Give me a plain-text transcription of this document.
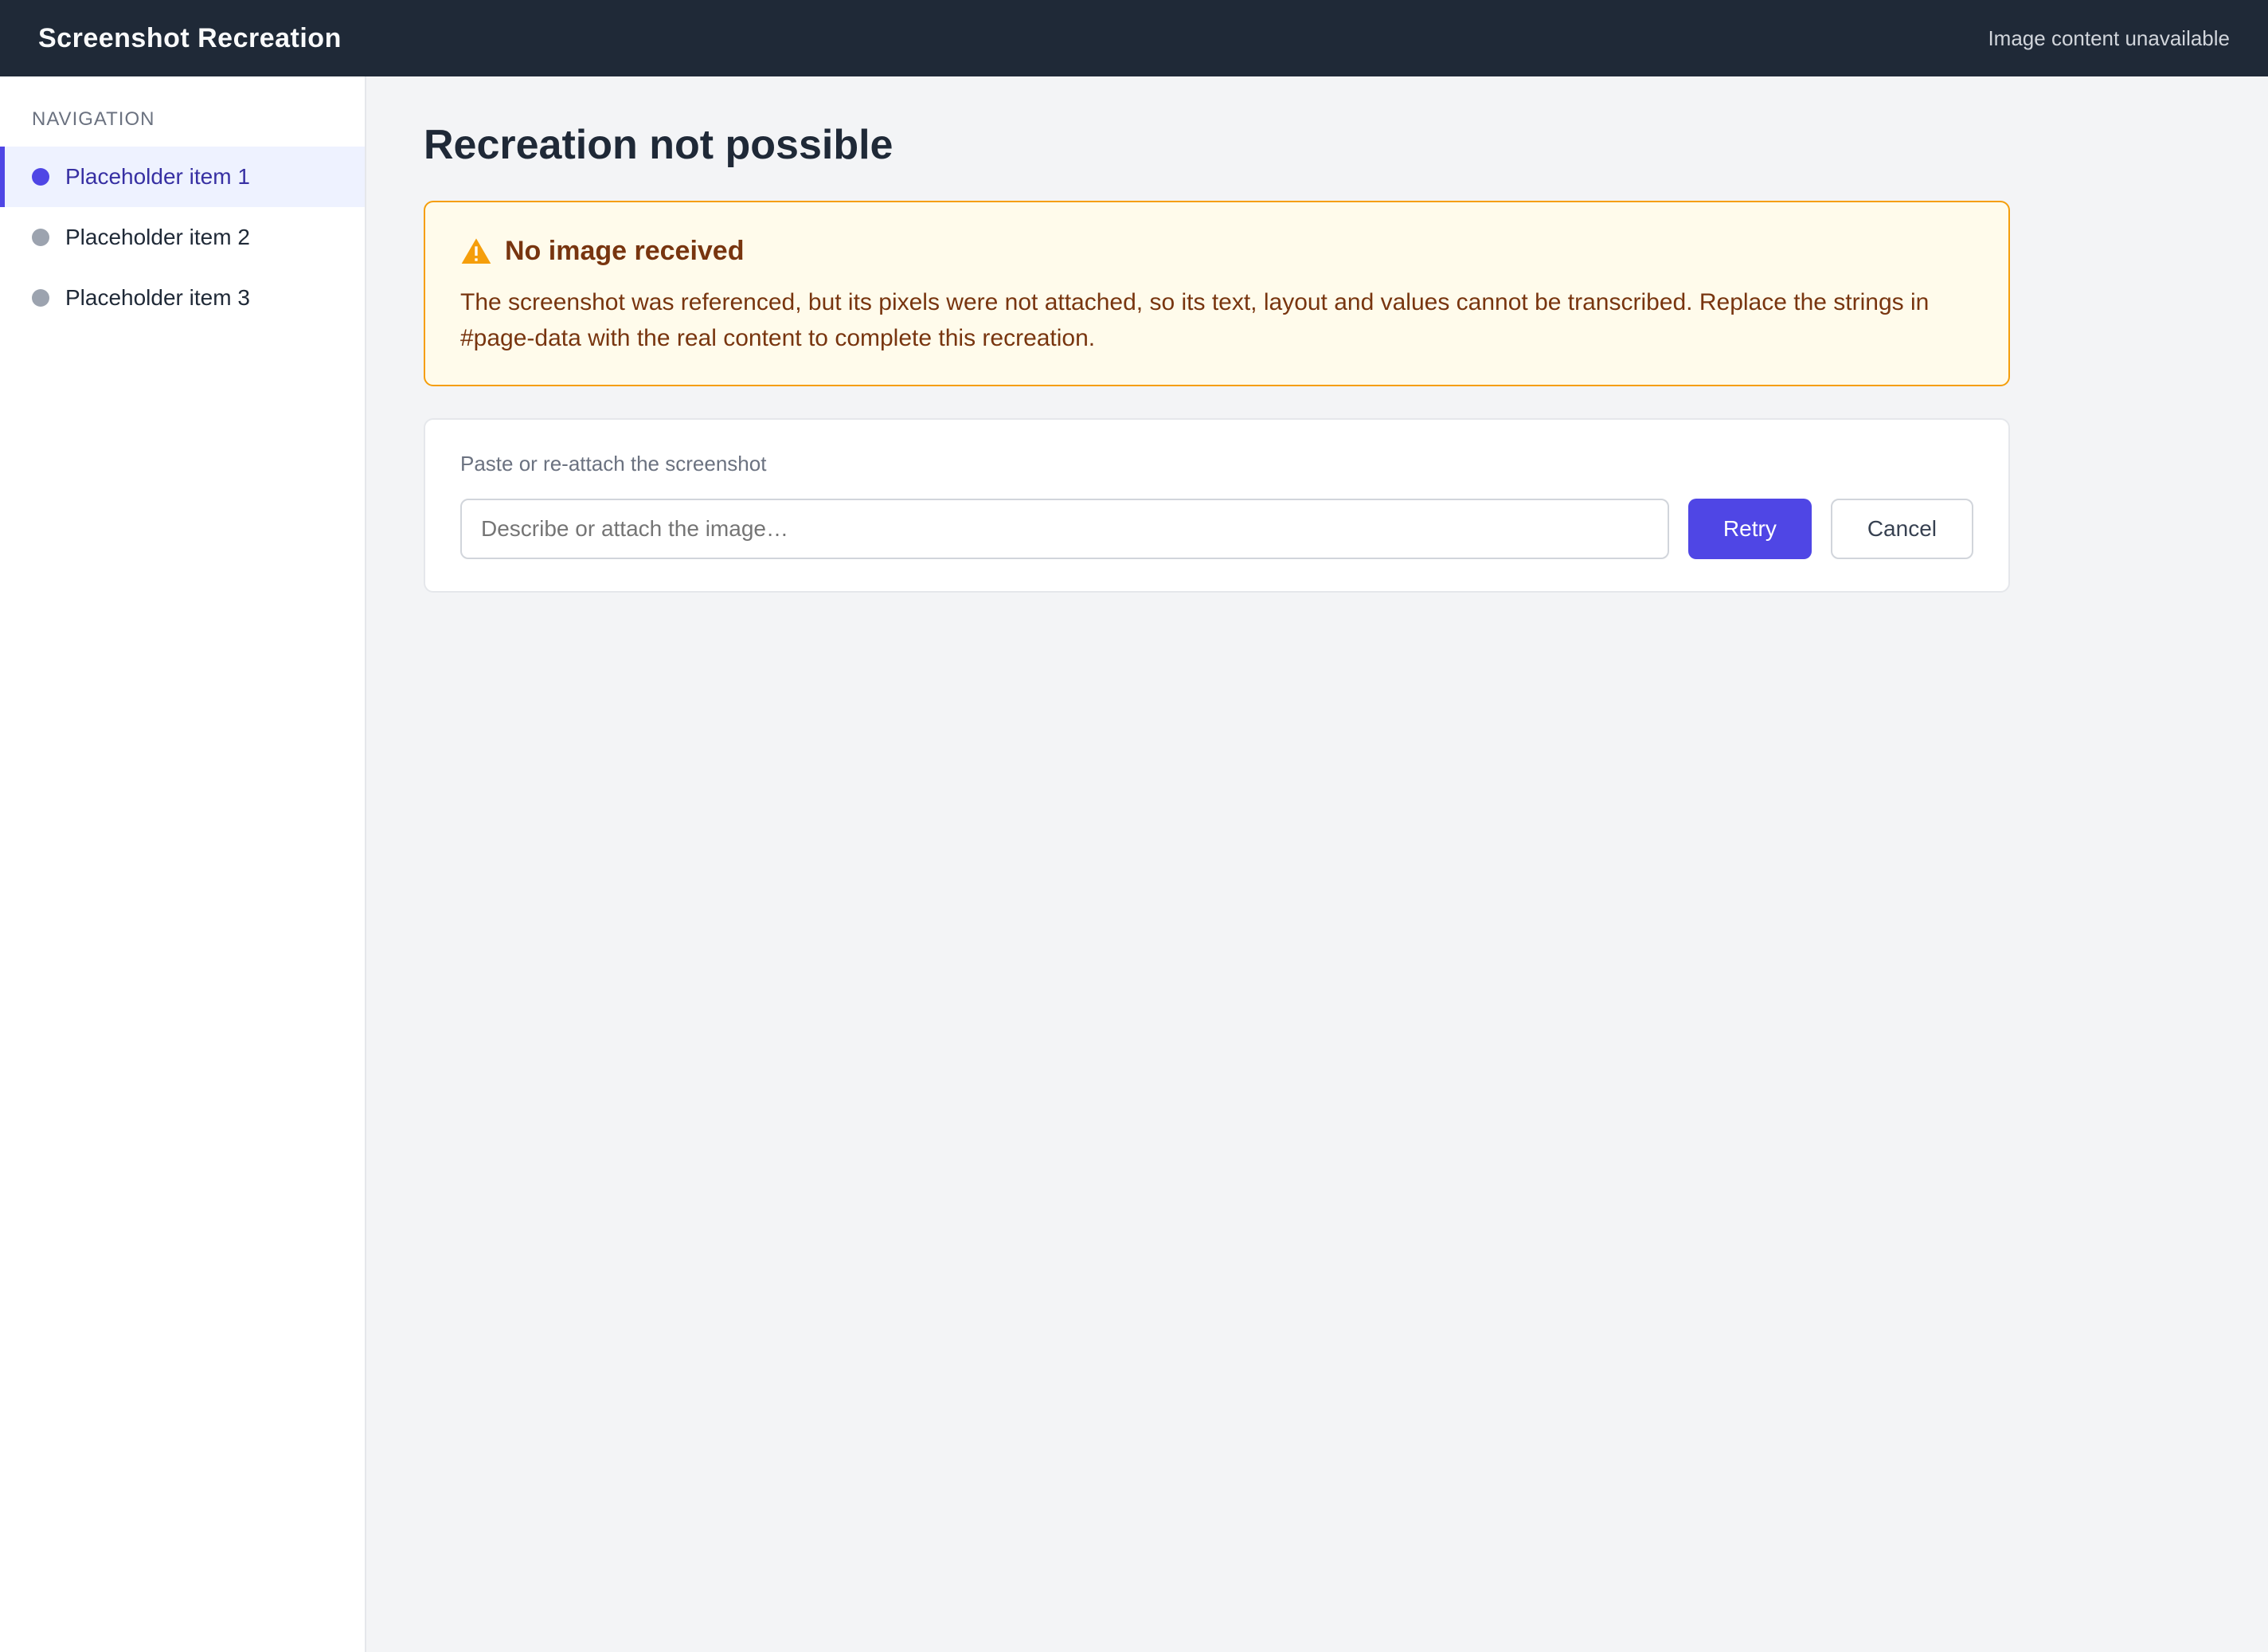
Screenshot Recreation	Image content unavailable
NAVIGATION
Placeholder item 1
Placeholder item 2
Placeholder item 3
Recreation not possible
No image received
The screenshot was referenced, but its pixels were not attached, so its text, layout and values cannot be transcribed. Replace the strings in #page-data with the real content to complete this recreation.
Paste or re-attach the screenshot
Describe or attach the image…
Retry	Cancel
